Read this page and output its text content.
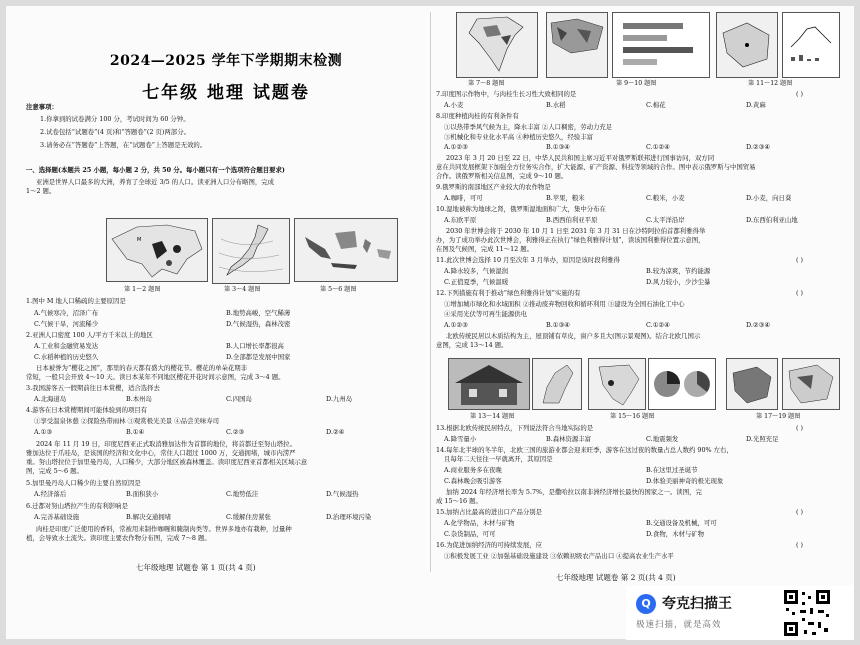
2024—2025 学年下学期期末检测
七年级 地理 试题卷
注意事项：
1.你拿到的试卷满分 100 分，考试时间为 60 分钟。
2.试卷包括“试题卷”(4 页)和“答题卷”(2 页)两部分。
3.请务必在“答题卷”上答题，在“试题卷”上答题是无效的。
一、选择题(本题共 25 小题，每小题 2 分，共 50 分。每小题只有一个选项符合题目要求)
亚洲是世界人口最多的大洲，养育了全球近 3/5 的人口。读亚洲人口分布略图，完成
1～2 题。
M
第 1～2 题图	第 3～4 题图	第 5～6 题图
1.图中 M 地人口稀疏的主要原因是
A.气候寒冷，沼泽广布	B.地势高峻，空气稀薄
C.气候干旱，河流稀少	D.气候湿热，森林茂密
2.亚洲人口密度 100 人/平方千米以上的地区
A.工业和金融贸易发达	B.人口增长率都很高
C.水稻种植的历史悠久	D.全部都是发展中国家
日本被誉为“樱花之国”，那里的春天都有盛大的樱花节。樱花的单朵花期非
常短，一般只会开放 4～10 天。读日本某年不同地区樱花开花时间示意图，完成 3～4 题。
3.我国游客五一假期前往日本赏樱，适合选择去
A.北海道岛	B.本州岛	C.四国岛	D.九州岛
4.游客在日本赏樱期间可能体验到的项目有
①享受温泉休憩 ②探险热带雨林 ③观赏极光美景 ④品尝美味寿司
A.①③	B.①④	C.②③	D.②④
2024 年 11 月 19 日，印度尼西亚正式取消雅加达作为首都的地位，将首都迁至努山塔拉。
雅加达位于爪哇岛，是该国的经济和文化中心，常住人口超过 1000 万，交通拥堵，城市内涝严
重。努山塔拉位于加里曼丹岛，人口稀少，大部分地区被森林覆盖。读印度尼西亚首都相关区域示意
图，完成 5～6 题。
5.加里曼丹岛人口稀少的主要自然原因是
A.经济落后	B.面积狭小	C.地势低洼	D.气候湿热
6.迁都对努山塔拉产生的有利影响是
A.完善基础设施	B.解决交通拥堵	C.缓解住房紧张	D.治理环境污染
肉桂是印度广泛使用的香料，常被用来制作咖喱和腌制肉类等。世界多地亦有栽种，过量种
植，会导致水土流失。读印度主要农作物分布图，完成 7～8 题。
七年级地理 试题卷 第 1 页(共 4 页)
第 7～8 题图	第 9～10 题图	第 11～12 题图
7.印度图示作物中，与肉桂生长习性大致相同的是	( )
A.小麦	B.水稻	C.棉花	D.黄麻
8.印度种植肉桂的有利条件有
①以热带季风气候为主，降水丰富 ②人口稠密，劳动力充足
③机械化和专业化水平高 ④种植历史悠久，经验丰富
A.①②③	B.①③④	C.①②④	D.②③④
2023 年 3 月 20 日至 22 日，中华人民共和国主席习近平对俄罗斯联邦进行国事访问，双方同
意在共同发展框架下加强全方位务实合作，扩大能源、矿产资源、科技等领域的合作。图中表示俄罗斯与中国贸易
合作。读俄罗斯相关信息图，完成 9～10 题。
9.俄罗斯的南部地区产业较大的农作物是
A.咖啡，可可	B.苹果，粮米	C.粮米，小麦	D.小麦，向日葵
10.湿地被称为地球之肾，俄罗斯湿地面积广大，集中分布在
A.东欧平原	B.西西伯利亚平原	C.太平洋沿岸	D.东西伯利亚山地
2030 年世博会将于 2030 年 10 月 1 日至 2031 年 3 月 31 日在沙特阿拉伯首都利雅得举
办，为了成功举办此次世博会，利雅得正在执行“绿色利雅得计划”，读该国利雅得位置示意图，
在图及气候图，完成 11～12 题。
11.此次世博会选择 10 月至次年 3 月举办，原因是该时段利雅得	( )
A.降水较多，气候湿润	B.较为凉爽，节约能源
C.正值夏季，气候温暖	D.风力较小，少沙尘暴
12.下列措施有利于推动“绿色利雅得计划”实施的有	( )
①增加城市绿化和水域面积 ②推动废弃物回收和循环利用 ③建设为全国石油化工中心
④采用光伏等可再生能源供电
A.①②③	B.①③④	C.①②④	D.②③④
北欧传统民居以木质结构为主，屋顶铺有草皮，窗户多且大(图示景观图)。结合北欧几国示
意图，完成 13～14 题。
第 13～14 题图	第 15～16 题图	第 17～19 题图
13.根据北欧传统民居特点，下列说法符合当地实际的是	( )
A.降雪量小	B.森林资源丰富	C.地震频发	D.光照充足
14.每年北半球的冬半年，北欧三国的旅游业都会迎来旺季，游客在这过夜的数量占总人数约 90% 左右，
且每年二天往往一早就离开，其原因是
A.商业服务多在夜晚	B.在这里过圣诞节
C.森林晚会吸引游客	D.体验美丽神奇的极光现象
加纳 2024 年经济增长率为 5.7%，是撒哈拉以南非洲经济增长最快的国家之一。读图，完
成 15～16 题。
15.加纳占比最高的进出口产品分别是	( )
A.化学物品，木材与矿物	B.交通设备及机械，可可
C.杂货制品，可可	D.食物，木材与矿物
16.为促进加纳经济的可持续发展，应	( )
①积极发展工业 ②加强基础设施建设 ③依赖初级农产品出口 ④提高农业生产水平
七年级地理 试题卷 第 2 页(共 4 页)
Q 夸克扫描王
极速扫描，就是高效
